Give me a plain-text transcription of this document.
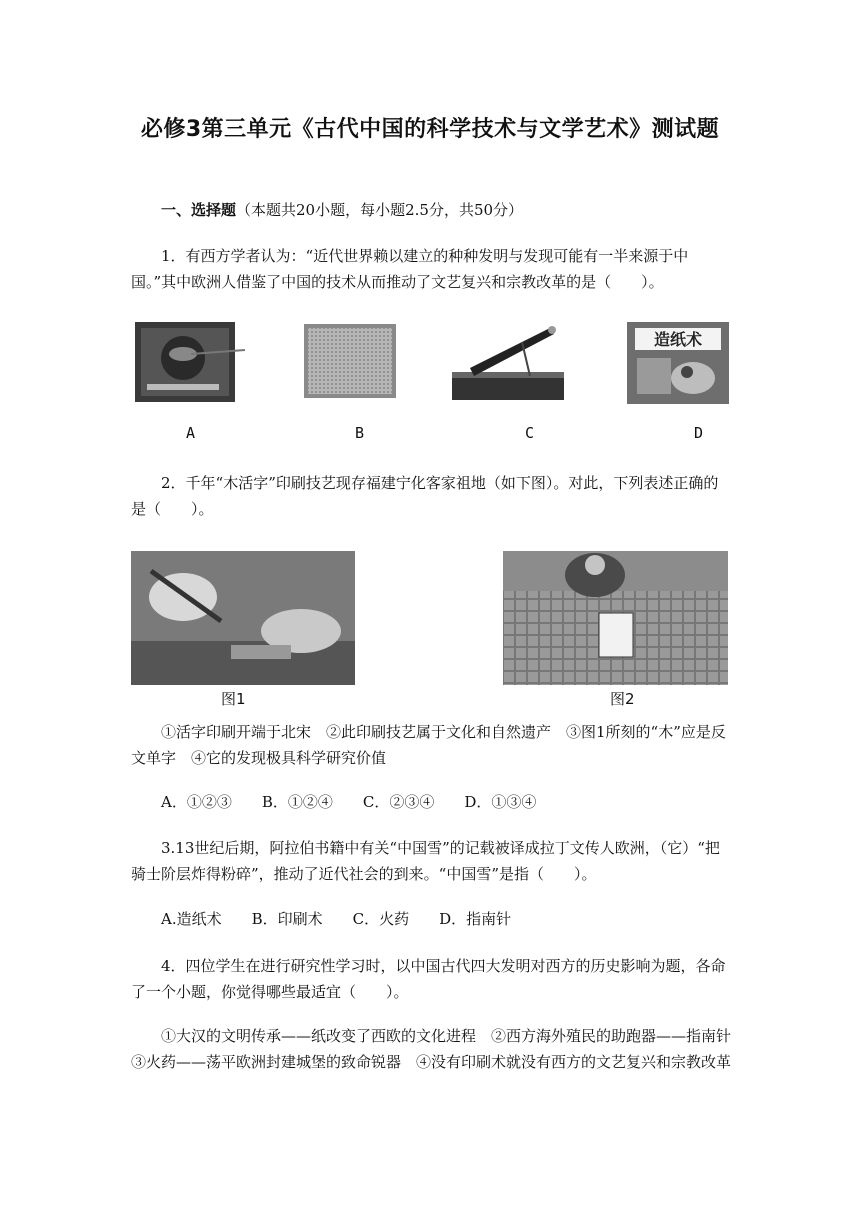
必修3第三单元《古代中国的科学技术与文学艺术》测试题
一、选择题（本题共20小题，每小题2.5分，共50分）
1．有西方学者认为：“近代世界赖以建立的种种发明与发现可能有一半来源于中国。”其中欧洲人借鉴了中国的技术从而推动了文艺复兴和宗教改革的是（　　）。
造纸术
A	B	C	D
2．千年“木活字”印刷技艺现存福建宁化客家祖地（如下图）。对此，下列表述正确的是（　　）。
图1	图2
①活字印刷开端于北宋　②此印刷技艺属于文化和自然遗产　③图1所刻的“木”应是反文单字　④它的发现极具科学研究价值
A．①②③　　B．①②④　　C．②③④　　D．①③④
3.13世纪后期，阿拉伯书籍中有关“中国雪”的记载被译成拉丁文传人欧洲，（它）“把骑士阶层炸得粉碎”，推动了近代社会的到来。“中国雪”是指（　　）。
A.造纸术　　B．印刷术　　C．火药　　D．指南针
4．四位学生在进行研究性学习时，以中国古代四大发明对西方的历史影响为题，各命了一个小题，你觉得哪些最适宜（　　）。
①大汉的文明传承——纸改变了西欧的文化进程　②西方海外殖民的助跑器——指南针　③火药——荡平欧洲封建城堡的致命锐器　④没有印刷术就没有西方的文艺复兴和宗教改革
